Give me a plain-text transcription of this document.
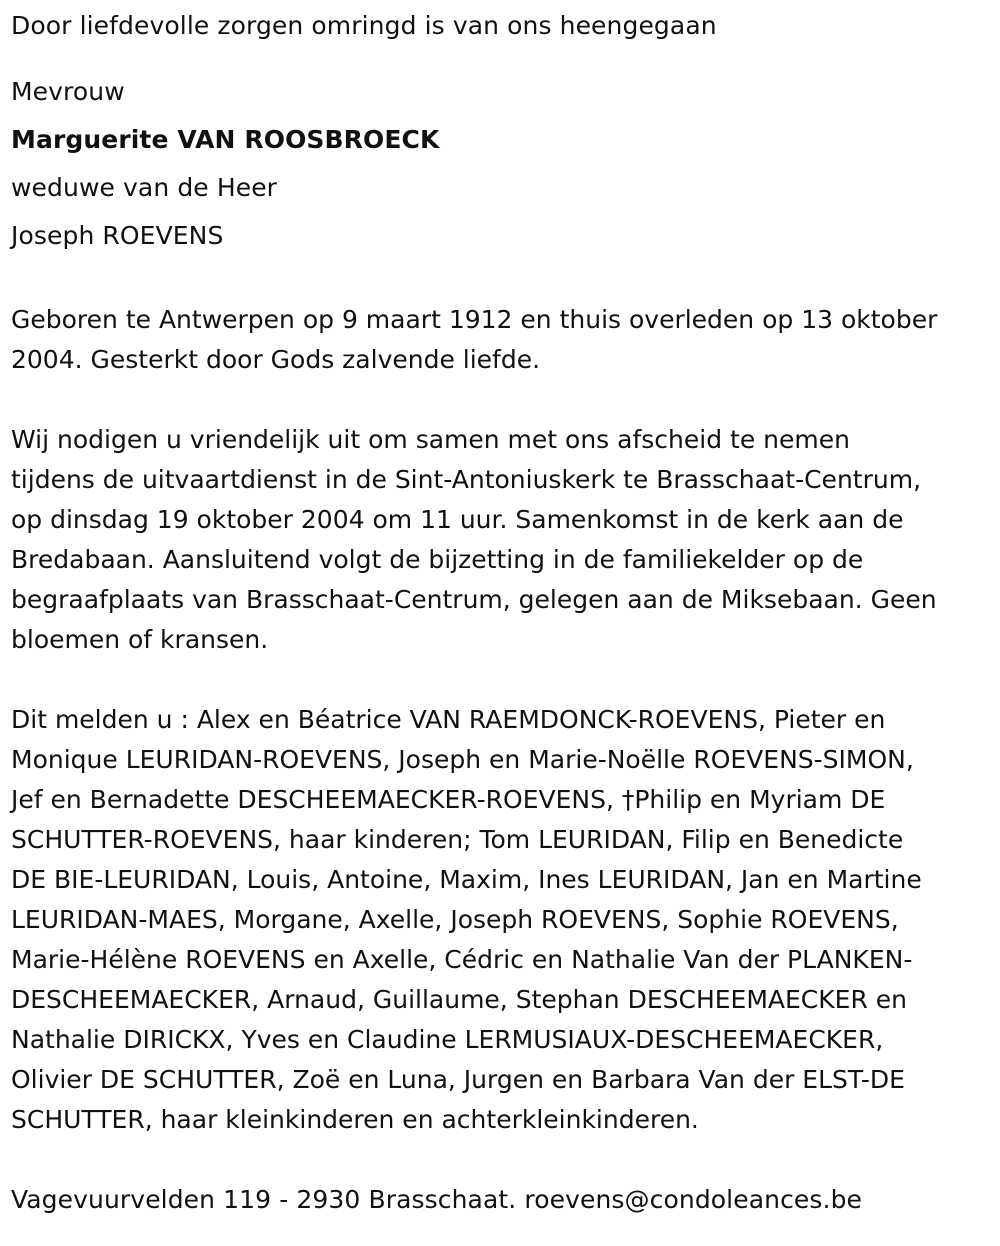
Door liefdevolle zorgen omringd is van ons heengegaan
Mevrouw
Marguerite VAN ROOSBROECK
weduwe van de Heer
Joseph ROEVENS
Geboren te Antwerpen op 9 maart 1912 en thuis overleden op 13 oktober
2004. Gesterkt door Gods zalvende liefde.
Wij nodigen u vriendelijk uit om samen met ons afscheid te nemen
tijdens de uitvaartdienst in de Sint-Antoniuskerk te Brasschaat-Centrum,
op dinsdag 19 oktober 2004 om 11 uur. Samenkomst in de kerk aan de
Bredabaan. Aansluitend volgt de bijzetting in de familiekelder op de
begraafplaats van Brasschaat-Centrum, gelegen aan de Miksebaan. Geen
bloemen of kransen.
Dit melden u : Alex en Béatrice VAN RAEMDONCK-ROEVENS, Pieter en
Monique LEURIDAN-ROEVENS, Joseph en Marie-Noëlle ROEVENS-SIMON,
Jef en Bernadette DESCHEEMAECKER-ROEVENS, †Philip en Myriam DE
SCHUTTER-ROEVENS, haar kinderen; Tom LEURIDAN, Filip en Benedicte
DE BIE-LEURIDAN, Louis, Antoine, Maxim, Ines LEURIDAN, Jan en Martine
LEURIDAN-MAES, Morgane, Axelle, Joseph ROEVENS, Sophie ROEVENS,
Marie-Hélène ROEVENS en Axelle, Cédric en Nathalie Van der PLANKEN-
DESCHEEMAECKER, Arnaud, Guillaume, Stephan DESCHEEMAECKER en
Nathalie DIRICKX, Yves en Claudine LERMUSIAUX-DESCHEEMAECKER,
Olivier DE SCHUTTER, Zoë en Luna, Jurgen en Barbara Van der ELST-DE
SCHUTTER, haar kleinkinderen en achterkleinkinderen.
Vagevuurvelden 119 - 2930 Brasschaat. roevens@condoleances.be
